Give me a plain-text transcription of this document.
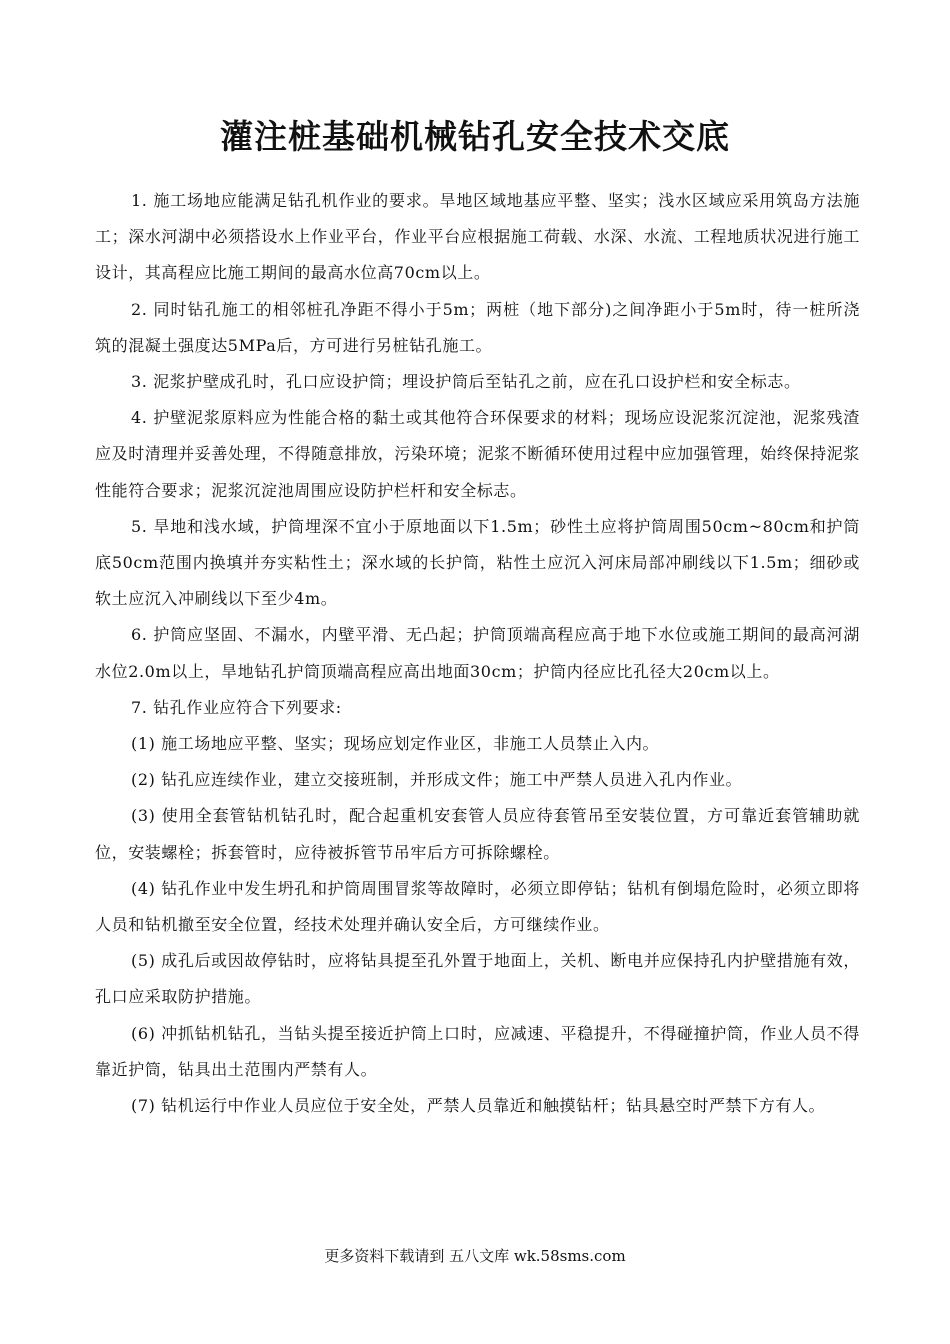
灌注桩基础机械钻孔安全技术交底

1. 施工场地应能满足钻孔机作业的要求。旱地区域地基应平整、坚实；浅水区域应采用筑岛方法施工；深水河湖中必须搭设水上作业平台，作业平台应根据施工荷载、水深、水流、工程地质状况进行施工设计，其高程应比施工期间的最高水位高70cm以上。

2. 同时钻孔施工的相邻桩孔净距不得小于5m；两桩（地下部分)之间净距小于5m时，待一桩所浇筑的混凝土强度达5MPa后，方可进行另桩钻孔施工。

3. 泥浆护壁成孔时，孔口应设护筒；埋设护筒后至钻孔之前，应在孔口设护栏和安全标志。

4. 护壁泥浆原料应为性能合格的黏土或其他符合环保要求的材料；现场应设泥浆沉淀池，泥浆残渣应及时清理并妥善处理，不得随意排放，污染环境；泥浆不断循环使用过程中应加强管理，始终保持泥浆性能符合要求；泥浆沉淀池周围应设防护栏杆和安全标志。

5. 旱地和浅水域，护筒埋深不宜小于原地面以下1.5m；砂性土应将护筒周围50cm~80cm和护筒底50cm范围内换填并夯实粘性土；深水域的长护筒，粘性土应沉入河床局部冲刷线以下1.5m；细砂或软土应沉入冲刷线以下至少4m。

6. 护筒应坚固、不漏水，内壁平滑、无凸起；护筒顶端高程应高于地下水位或施工期间的最高河湖水位2.0m以上，旱地钻孔护筒顶端高程应高出地面30cm；护筒内径应比孔径大20cm以上。

7. 钻孔作业应符合下列要求:

(1) 施工场地应平整、坚实；现场应划定作业区，非施工人员禁止入内。

(2) 钻孔应连续作业，建立交接班制，并形成文件；施工中严禁人员进入孔内作业。

(3) 使用全套管钻机钻孔时，配合起重机安套管人员应待套管吊至安装位置，方可靠近套管辅助就位，安装螺栓；拆套管时，应待被拆管节吊牢后方可拆除螺栓。

(4) 钻孔作业中发生坍孔和护筒周围冒浆等故障时，必须立即停钻；钻机有倒塌危险时，必须立即将人员和钻机撤至安全位置，经技术处理并确认安全后，方可继续作业。

(5) 成孔后或因故停钻时，应将钻具提至孔外置于地面上，关机、断电并应保持孔内护壁措施有效，孔口应采取防护措施。

(6) 冲抓钻机钻孔，当钻头提至接近护筒上口时，应减速、平稳提升，不得碰撞护筒，作业人员不得靠近护筒，钻具出土范围内严禁有人。

(7) 钻机运行中作业人员应位于安全处，严禁人员靠近和触摸钻杆；钻具悬空时严禁下方有人。

更多资料下载请到 五八文库 wk.58sms.com
